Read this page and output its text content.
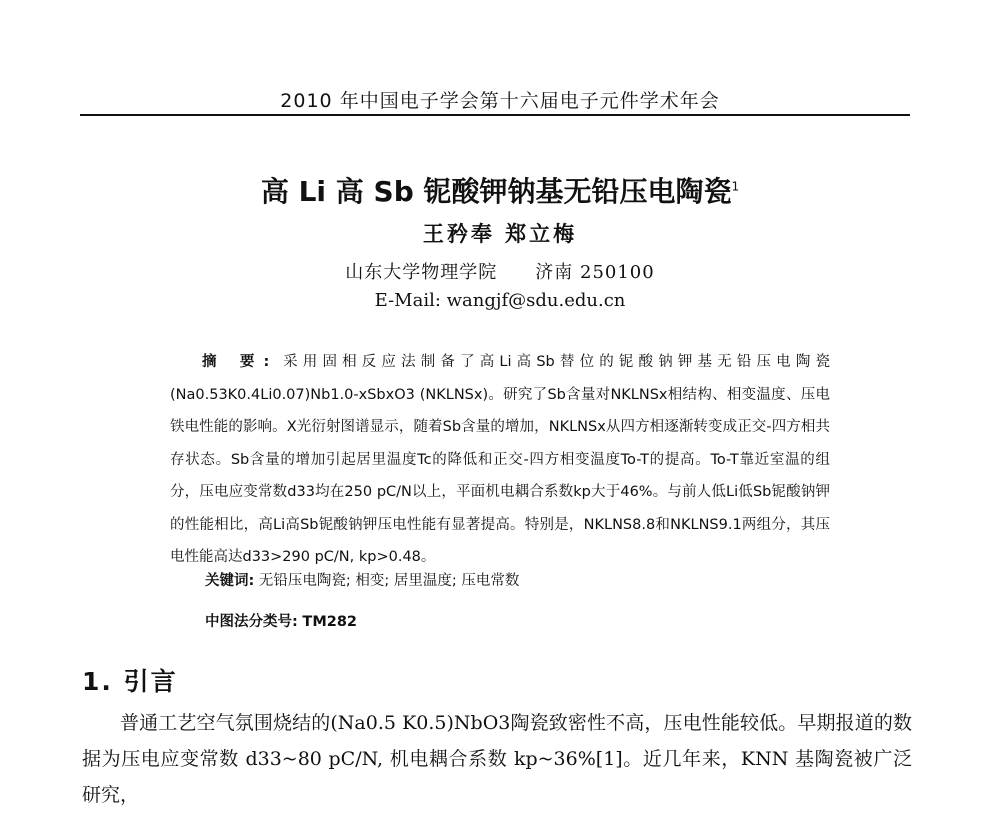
2010 年中国电子学会第十六届电子元件学术年会
高 Li 高 Sb 铌酸钾钠基无铅压电陶瓷$^1$
王矜奉 郑立梅
山东大学物理学院　　济南 250100
E-Mail: wangjf@sdu.edu.cn
摘 要: 采用固相反应法制备了高Li高Sb替位的铌酸钠钾基无铅压电陶瓷(Na0.53K0.4Li0.07)Nb1.0-xSbxO3 (NKLNSx)。研究了Sb含量对NKLNSx相结构、相变温度、压电铁电性能的影响。X光衍射图谱显示，随着Sb含量的增加，NKLNSx从四方相逐渐转变成正交-四方相共存状态。Sb含量的增加引起居里温度Tc的降低和正交-四方相变温度To-T的提高。To-T靠近室温的组分，压电应变常数d33均在250 pC/N以上，平面机电耦合系数kp大于46%。与前人低Li低Sb铌酸钠钾的性能相比，高Li高Sb铌酸钠钾压电性能有显著提高。特别是，NKLNS8.8和NKLNS9.1两组分，其压电性能高达d33>290 pC/N, kp>0.48。
关键词: 无铅压电陶瓷; 相变; 居里温度; 压电常数
中图法分类号: TM282
1. 引言
普通工艺空气氛围烧结的(Na0.5 K0.5)NbO3陶瓷致密性不高，压电性能较低。早期报道的数据为压电应变常数 d33~80 pC/N, 机电耦合系数 kp~36%[1]。近几年来，KNN 基陶瓷被广泛研究，
